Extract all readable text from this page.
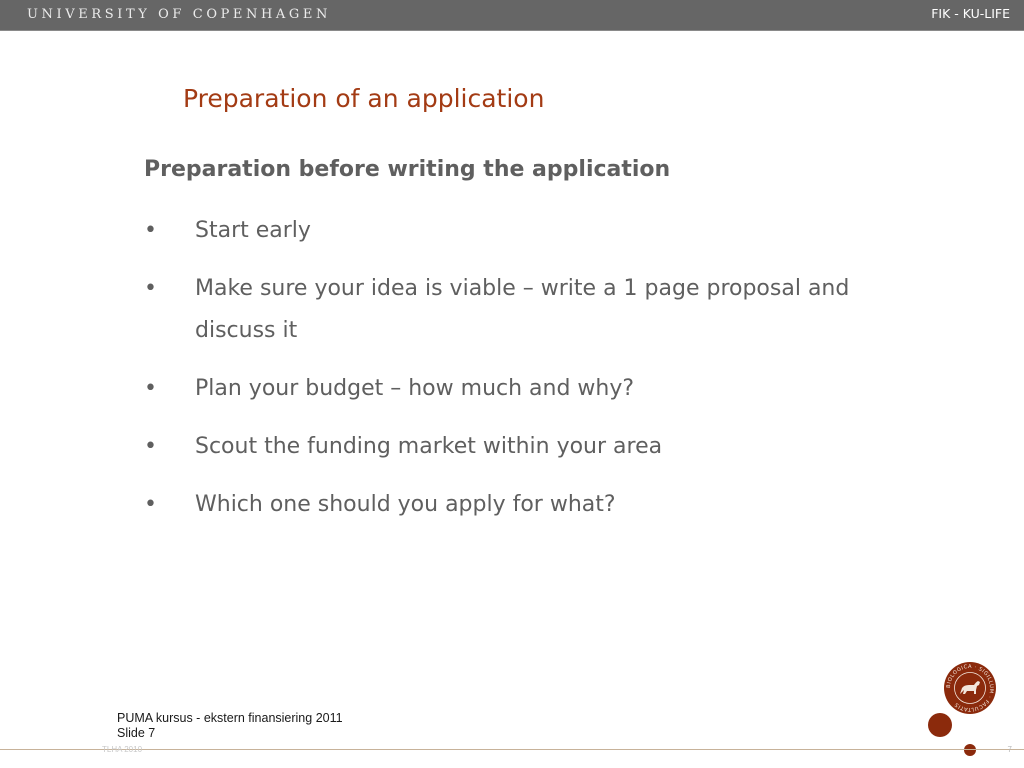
UNIVERSITY OF COPENHAGEN	FIK - KU-LIFE
Preparation of an application
Preparation before writing the application
• Start early
• Make sure your idea is viable – write a 1 page proposal and discuss it
• Plan your budget – how much and why?
• Scout the funding market within your area
• Which one should you apply for what?
BIOLOGICA · SIGILLUM · FACULTATIS
PUMA kursus - ekstern finansiering 2011
Slide 7
TLHA 2010	7
